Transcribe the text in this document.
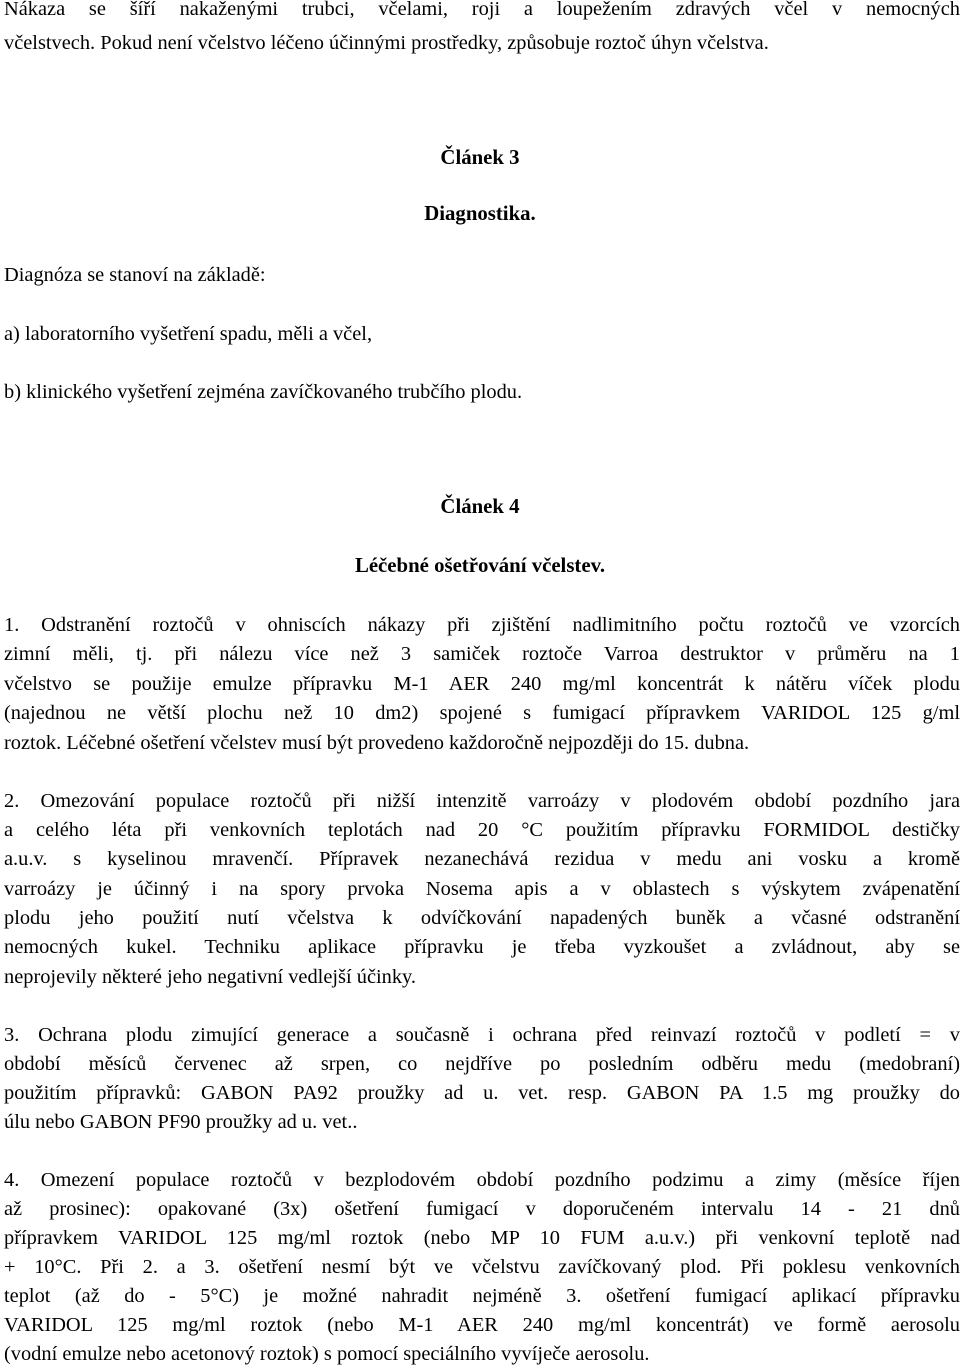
Nákaza se šíří nakaženými trubci, včelami, roji a loupežením zdravých včel v nemocných
včelstvech. Pokud není včelstvo léčeno účinnými prostředky, způsobuje roztoč úhyn včelstva.
Článek 3
Diagnostika.
Diagnóza se stanoví na základě:
a) laboratorního vyšetření spadu, měli a včel,
b) klinického vyšetření zejména zavíčkovaného trubčího plodu.
Článek 4
Léčebné ošetřování včelstev.
1. Odstranění roztočů v ohniscích nákazy při zjištění nadlimitního počtu roztočů ve vzorcích
zimní měli, tj. při nálezu více než 3 samiček roztoče Varroa destruktor v průměru na 1
včelstvo se použije emulze přípravku M-1 AER 240 mg/ml koncentrát k nátěru víček plodu
(najednou ne větší plochu než 10 dm2) spojené s fumigací přípravkem VARIDOL 125 g/ml
roztok. Léčebné ošetření včelstev musí být provedeno každoročně nejpozději do 15. dubna.
2. Omezování populace roztočů při nižší intenzitě varroázy v plodovém období pozdního jara
a celého léta při venkovních teplotách nad 20 °C použitím přípravku FORMIDOL destičky
a.u.v. s kyselinou mravenčí. Přípravek nezanechává rezidua v medu ani vosku a kromě
varroázy je účinný i na spory prvoka Nosema apis a v oblastech s výskytem zvápenatění
plodu jeho použití nutí včelstva k odvíčkování napadených buněk a včasné odstranění
nemocných kukel. Techniku aplikace přípravku je třeba vyzkoušet a zvládnout, aby se
neprojevily některé jeho negativní vedlejší účinky.
3. Ochrana plodu zimující generace a současně i ochrana před reinvazí roztočů v podletí = v
období měsíců červenec až srpen, co nejdříve po posledním odběru medu (medobraní)
použitím přípravků: GABON PA92 proužky ad u. vet. resp. GABON PA 1.5 mg proužky do
úlu nebo GABON PF90 proužky ad u. vet..
4. Omezení populace roztočů v bezplodovém období pozdního podzimu a zimy (měsíce říjen
až prosinec): opakované (3x) ošetření fumigací v doporučeném intervalu 14 - 21 dnů
přípravkem VARIDOL 125 mg/ml roztok (nebo MP 10 FUM a.u.v.) při venkovní teplotě nad
+ 10°C. Při 2. a 3. ošetření nesmí být ve včelstvu zavíčkovaný plod. Při poklesu venkovních
teplot (až do - 5°C) je možné nahradit nejméně 3. ošetření fumigací aplikací přípravku
VARIDOL 125 mg/ml roztok (nebo M-1 AER 240 mg/ml koncentrát) ve formě aerosolu
(vodní emulze nebo acetonový roztok) s pomocí speciálního vyvíječe aerosolu.
